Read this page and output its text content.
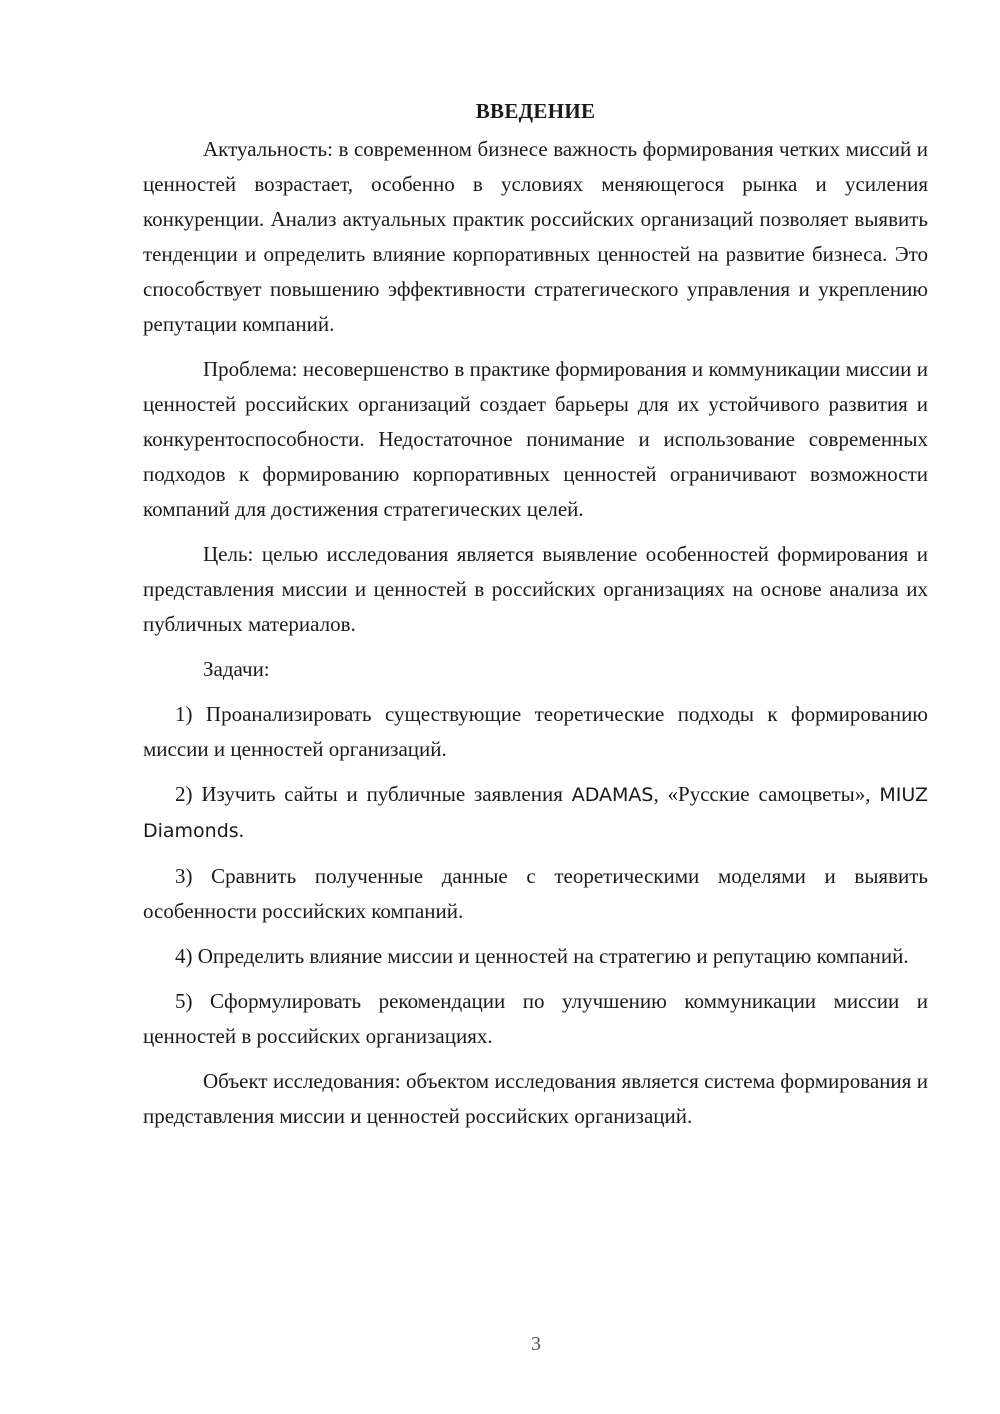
ВВЕДЕНИЕ

Актуальность: в современном бизнесе важность формирования четких миссий и ценностей возрастает, особенно в условиях меняющегося рынка и усиления конкуренции. Анализ актуальных практик российских организаций позволяет выявить тенденции и определить влияние корпоративных ценностей на развитие бизнеса. Это способствует повышению эффективности стратегического управления и укреплению репутации компаний.

Проблема: несовершенство в практике формирования и коммуникации миссии и ценностей российских организаций создает барьеры для их устойчивого развития и конкурентоспособности. Недостаточное понимание и использование современных подходов к формированию корпоративных ценностей ограничивают возможности компаний для достижения стратегических целей.

Цель: целью исследования является выявление особенностей формирования и представления миссии и ценностей в российских организациях на основе анализа их публичных материалов.

Задачи:

1) Проанализировать существующие теоретические подходы к формированию миссии и ценностей организаций.

2) Изучить сайты и публичные заявления ADAMAS, «Русские самоцветы», MIUZ Diamonds.

3) Сравнить полученные данные с теоретическими моделями и выявить особенности российских компаний.

4) Определить влияние миссии и ценностей на стратегию и репутацию компаний.

5) Сформулировать рекомендации по улучшению коммуникации миссии и ценностей в российских организациях.

Объект исследования: объектом исследования является система формирования и представления миссии и ценностей российских организаций.

3
